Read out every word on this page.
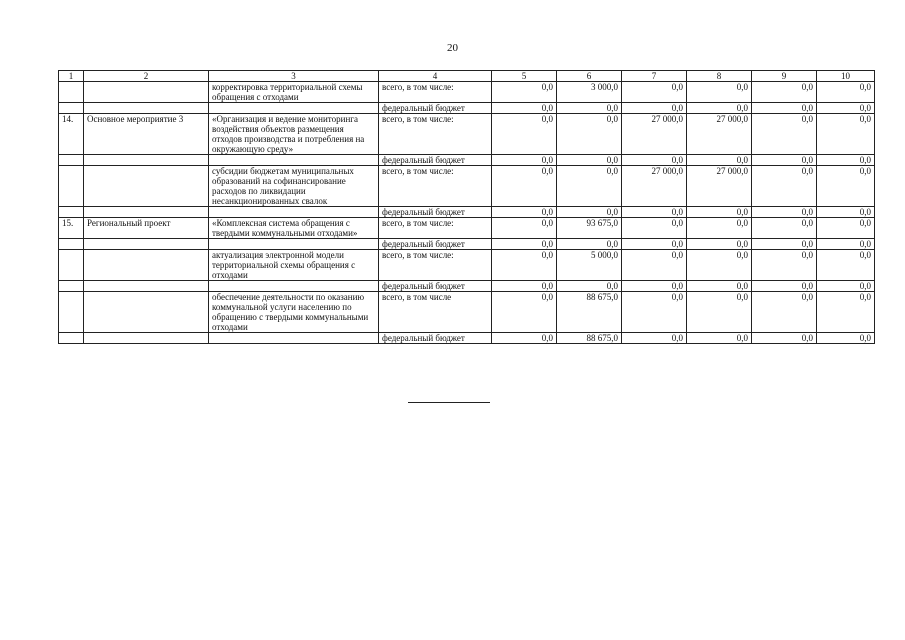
20
1	2	3	4	5	6	7	8	9	10
		корректировка территориальной схемы обращения с отходами	всего, в том числе:	0,0	3 000,0	0,0	0,0	0,0	0,0
			федеральный бюджет	0,0	0,0	0,0	0,0	0,0	0,0
14.	Основное мероприятие 3	«Организация и ведение мониторинга воздействия объектов размещения отходов производства и потребления на окружающую среду»	всего, в том числе:	0,0	0,0	27 000,0	27 000,0	0,0	0,0
			федеральный бюджет	0,0	0,0	0,0	0,0	0,0	0,0
		субсидии бюджетам муниципальных образований на софинансирование расходов по ликвидации несанкционированных свалок	всего, в том числе:	0,0	0,0	27 000,0	27 000,0	0,0	0,0
			федеральный бюджет	0,0	0,0	0,0	0,0	0,0	0,0
15.	Региональный проект	«Комплексная система обращения с твердыми коммунальными отходами»	всего, в том числе:	0,0	93 675,0	0,0	0,0	0,0	0,0
			федеральный бюджет	0,0	0,0	0,0	0,0	0,0	0,0
		актуализация электронной модели территориальной схемы обращения с отходами	всего, в том числе:	0,0	5 000,0	0,0	0,0	0,0	0,0
			федеральный бюджет	0,0	0,0	0,0	0,0	0,0	0,0
		обеспечение деятельности по оказанию коммунальной услуги населению по обращению с твердыми коммунальными отходами	всего, в том числе	0,0	88 675,0	0,0	0,0	0,0	0,0
			федеральный бюджет	0,0	88 675,0	0,0	0,0	0,0	0,0
